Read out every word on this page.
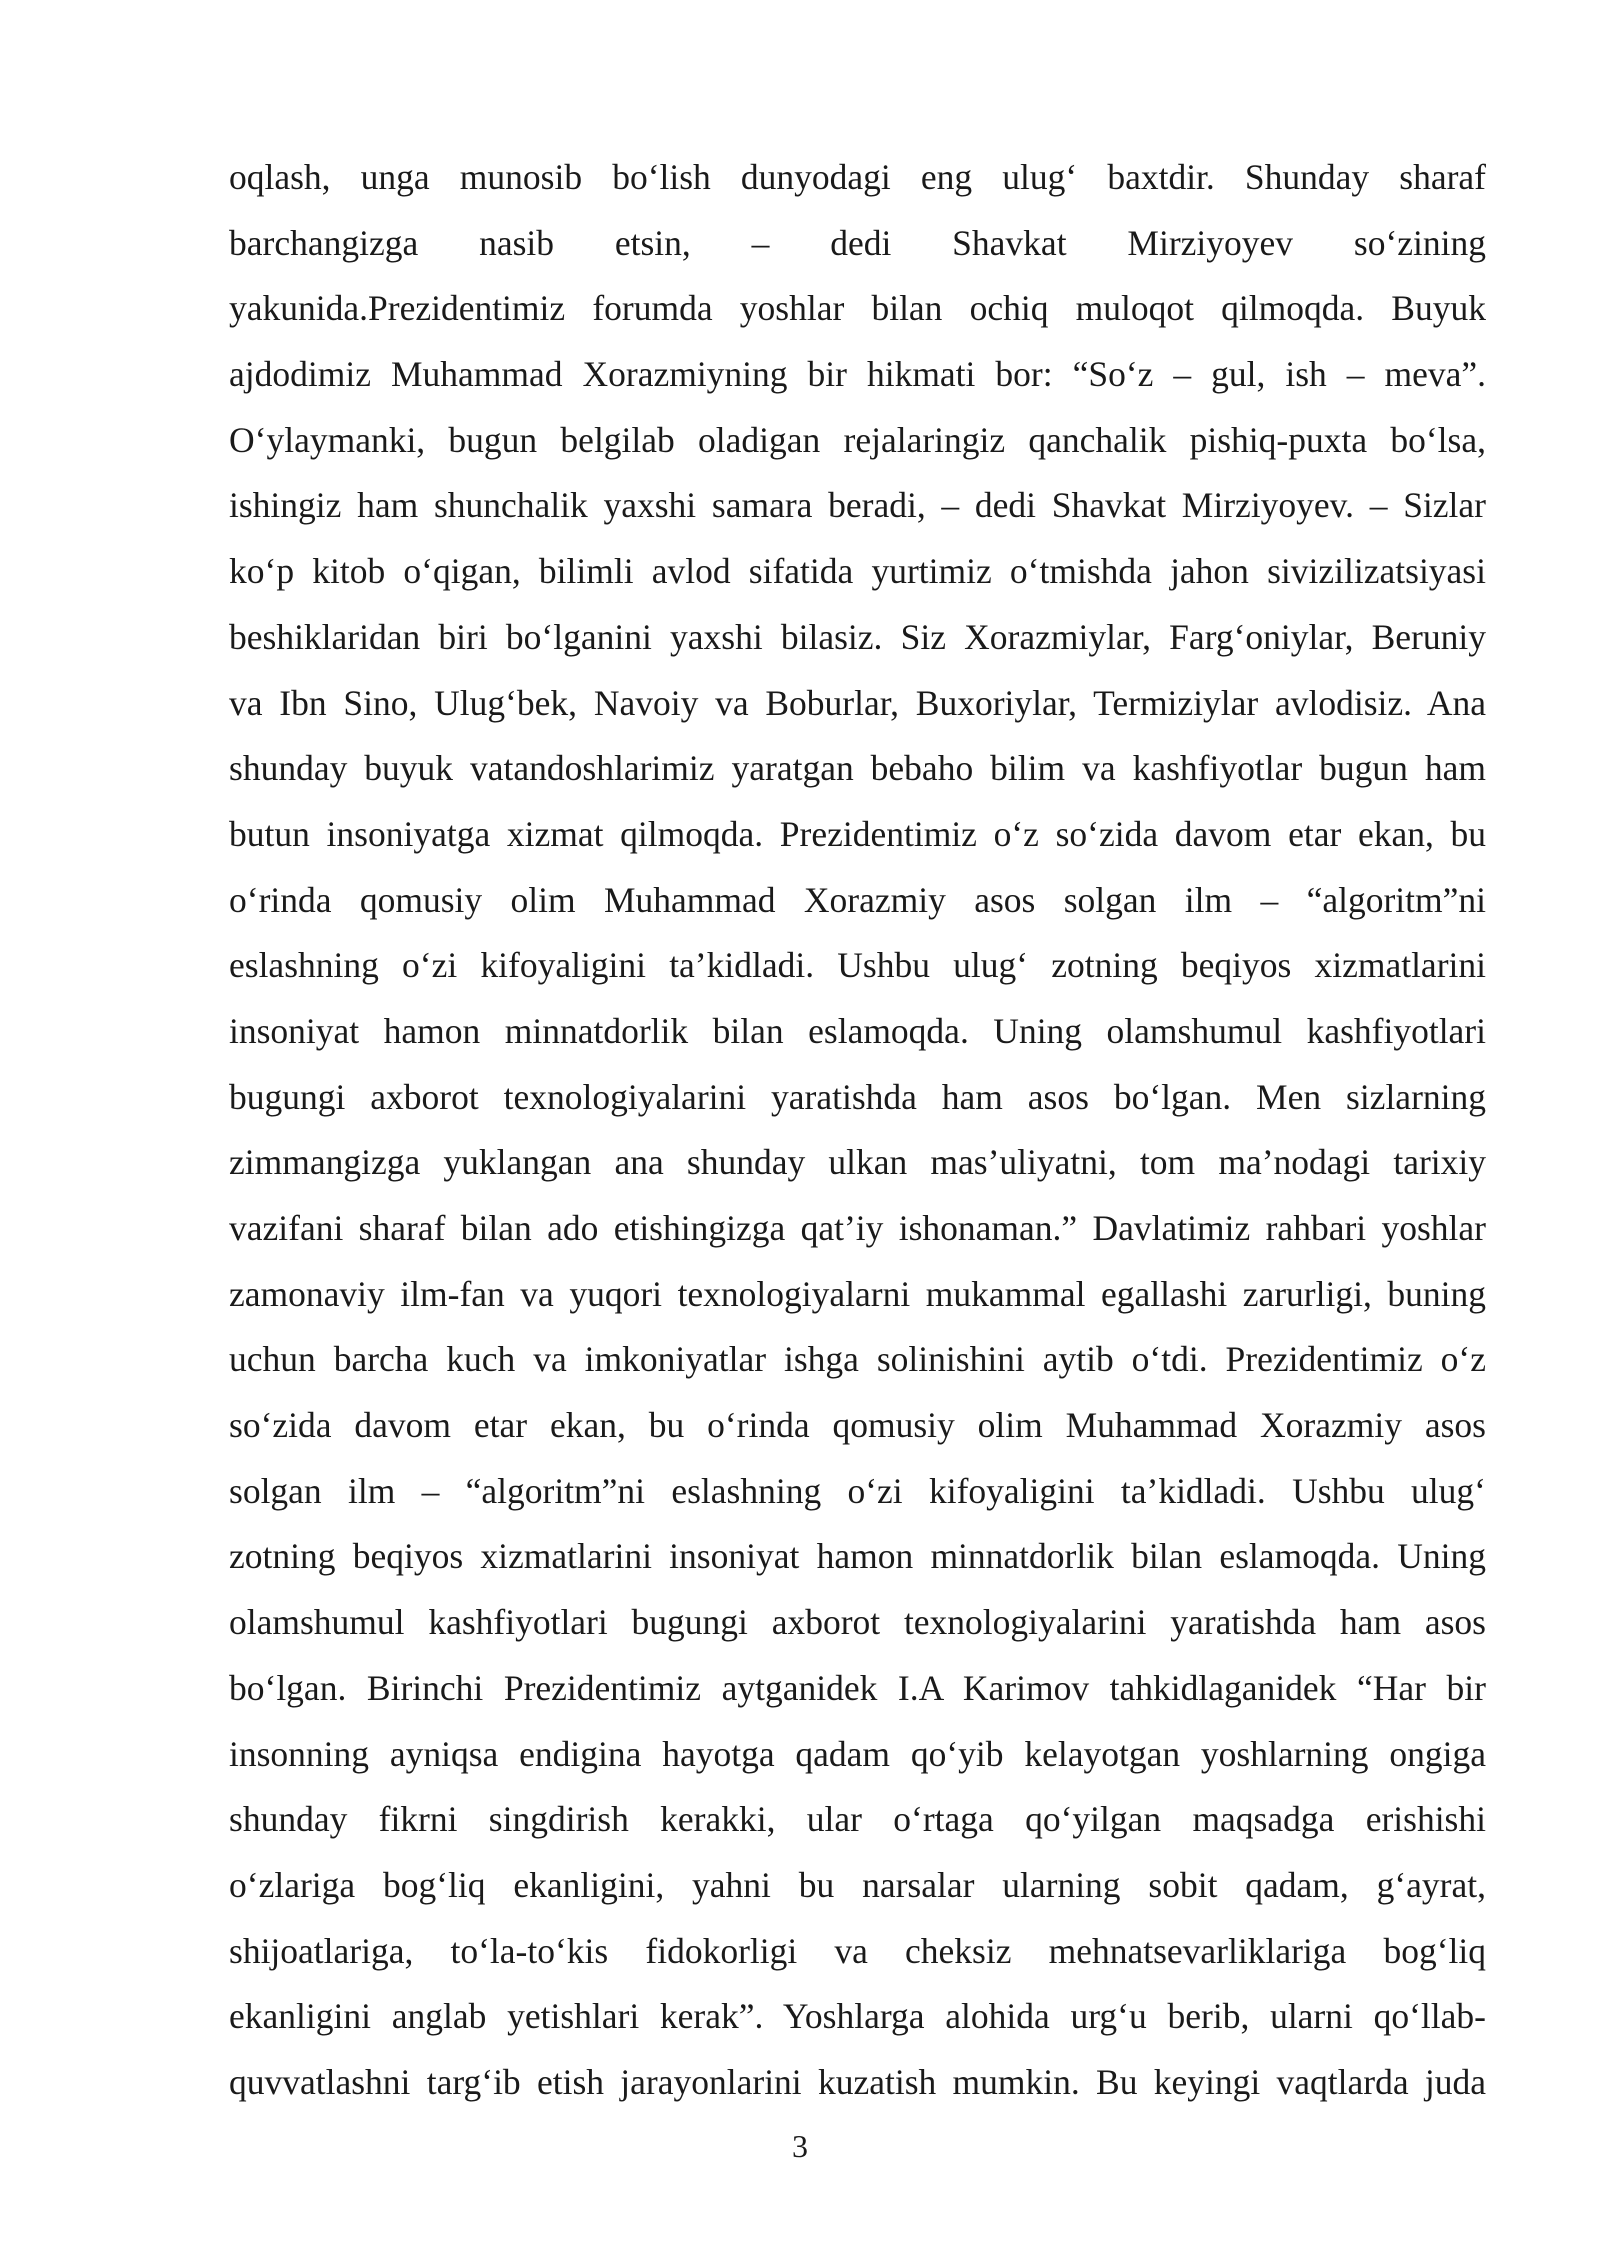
oqlash, unga munosib bo‘lish dunyodagi eng ulug‘ baxtdir. Shunday sharaf
barchangizga nasib etsin, – dedi Shavkat Mirziyoyev so‘zining
yakunida.Prezidentimiz forumda yoshlar bilan ochiq muloqot qilmoqda. Buyuk
ajdodimiz Muhammad Xorazmiyning bir hikmati bor: “So‘z – gul, ish – meva”.
O‘ylaymanki, bugun belgilab oladigan rejalaringiz qanchalik pishiq-puxta bo‘lsa,
ishingiz ham shunchalik yaxshi samara beradi, – dedi Shavkat Mirziyoyev. – Sizlar
ko‘p kitob o‘qigan, bilimli avlod sifatida yurtimiz o‘tmishda jahon sivizilizatsiyasi
beshiklaridan biri bo‘lganini yaxshi bilasiz. Siz Xorazmiylar, Farg‘oniylar, Beruniy
va Ibn Sino, Ulug‘bek, Navoiy va Boburlar, Buxoriylar, Termiziylar avlodisiz. Ana
shunday buyuk vatandoshlarimiz yaratgan bebaho bilim va kashfiyotlar bugun ham
butun insoniyatga xizmat qilmoqda. Prezidentimiz o‘z so‘zida davom etar ekan, bu
o‘rinda qomusiy olim Muhammad Xorazmiy asos solgan ilm – “algoritm”ni
eslashning o‘zi kifoyaligini ta’kidladi. Ushbu ulug‘ zotning beqiyos xizmatlarini
insoniyat hamon minnatdorlik bilan eslamoqda. Uning olamshumul kashfiyotlari
bugungi axborot texnologiyalarini yaratishda ham asos bo‘lgan. Men sizlarning
zimmangizga yuklangan ana shunday ulkan mas’uliyatni, tom ma’nodagi tarixiy
vazifani sharaf bilan ado etishingizga qat’iy ishonaman.” Davlatimiz rahbari yoshlar
zamonaviy ilm-fan va yuqori texnologiyalarni mukammal egallashi zarurligi, buning
uchun barcha kuch va imkoniyatlar ishga solinishini aytib o‘tdi. Prezidentimiz o‘z
so‘zida davom etar ekan, bu o‘rinda qomusiy olim Muhammad Xorazmiy asos
solgan ilm – “algoritm”ni eslashning o‘zi kifoyaligini ta’kidladi. Ushbu ulug‘
zotning beqiyos xizmatlarini insoniyat hamon minnatdorlik bilan eslamoqda. Uning
olamshumul kashfiyotlari bugungi axborot texnologiyalarini yaratishda ham asos
bo‘lgan. Birinchi Prezidentimiz aytganidek I.A Karimov tahkidlaganidek “Har bir
insonning ayniqsa endigina hayotga qadam qo‘yib kelayotgan yoshlarning ongiga
shunday fikrni singdirish kerakki, ular o‘rtaga qo‘yilgan maqsadga erishishi
o‘zlariga bog‘liq ekanligini, yahni bu narsalar ularning sobit qadam, g‘ayrat,
shijoatlariga, to‘la-to‘kis fidokorligi va cheksiz mehnatsevarliklariga bog‘liq
ekanligini anglab yetishlari kerak”. Yoshlarga alohida urg‘u berib, ularni qo‘llab-
quvvatlashni targ‘ib etish jarayonlarini kuzatish mumkin. Bu keyingi vaqtlarda juda
3
